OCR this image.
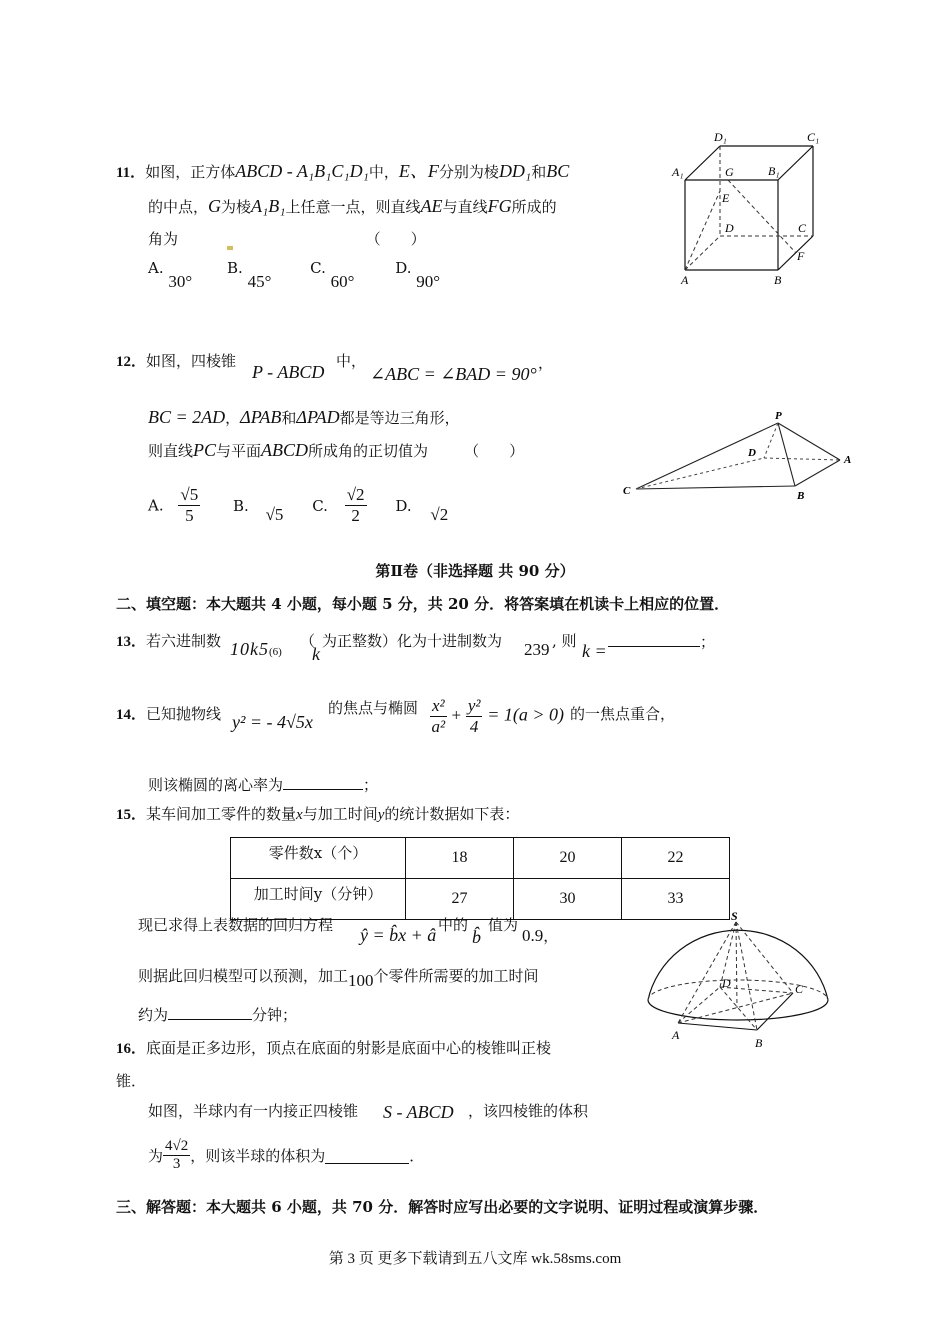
11．如图，正方体ABCD - A₁B₁C₁D₁中，E、F分别为棱DD₁和BC
的中点，G为棱A₁B₁上任意一点，则直线AE与直线FG所成的
角为	（　　）
A. 30° B. 45° C. 60° D. 90°
D₁	C₁
A₁	G	B₁
E
D	C
F
A	B
12．如图，四棱锥
P - ABCD
中，
∠ABC = ∠BAD = 90°
，
BC = 2AD，ΔPAB和ΔPAD都是等边三角形，
则直线PC与平面ABCD所成角的正切值为 （　　）
A. $\frac{√5}{5} B$. √5 C. $\frac{√2}{2} D$. √2
P
D
A
C	B
第Ⅱ卷（非选择题 共 90 分）
二、填空题：本大题共 4 小题，每小题 5 分，共 20 分．将答案填在机读卡上相应的位置．
13．若六进制数 10k5(6)
（
k
为正整数）化为十进制数为 239 , 则 k =	；
14．已知抛物线 y² = - 4√5x
的焦点与椭圆 $\frac{\text{x²}}{\text{a²}} + \frac{\text{y²}}{4} = 1(a > 0)$ 的一焦点重合，
则该椭圆的离心率为	；
15．某车间加工零件的数量x与加工时间y的统计数据如下表：
零件数x（个）	18	20	22
加工时间y（分钟）	27	30	33
现已求得上表数据的回归方程 ŷ = b̂x + â 中的
b̂
值为
0.9，
则据此回归模型可以预测，加工100个零件所需要的加工时间
约为	分钟；
S
D	C
A
B
16．底面是正多边形，顶点在底面的射影是底面中心的棱锥叫正棱
锥．
如图，半球内有一内接正四棱锥 S - ABCD ，该四棱锥的体积
为 $\frac{4√2}{3}$ ，则该半球的体积为	．
三、解答题：本大题共 6 小题，共 70 分．解答时应写出必要的文字说明、证明过程或演算步骤．
第 3 页 更多下载请到五八文库 wk.58sms.com
